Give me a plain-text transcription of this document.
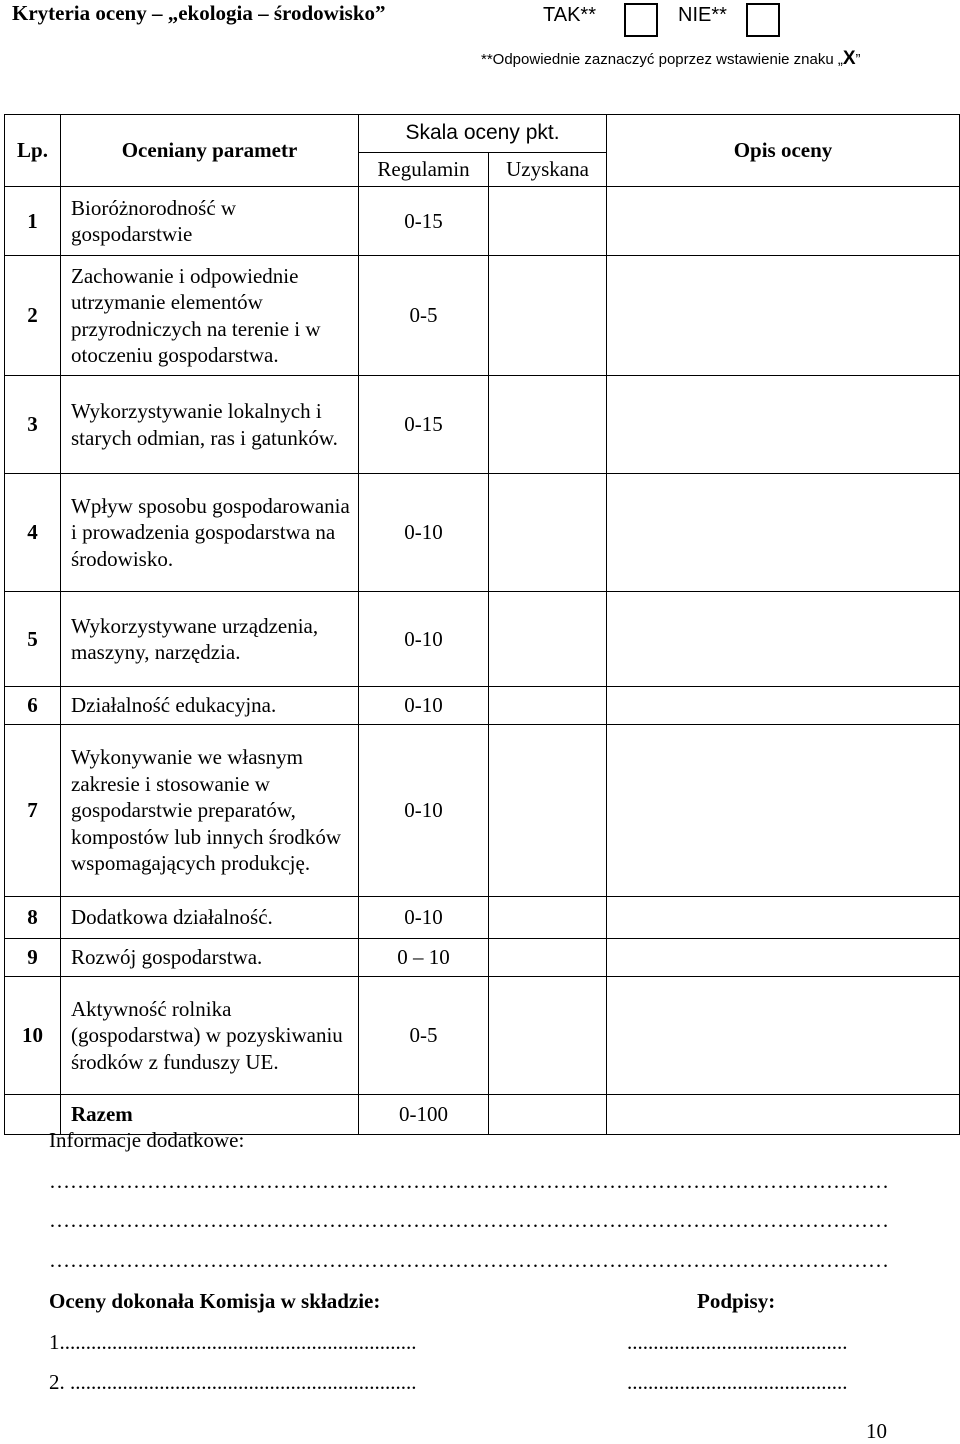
Kryteria oceny – „ekologia – środowisko”	TAK**	NIE**
**Odpowiednie zaznaczyć poprzez wstawienie znaku „X”
Lp.	Oceniany parametr	Skala oceny pkt.		Opis oceny
		Regulamin	Uzyskana	
1	Bioróżnorodność w gospodarstwie	0-15		
2	Zachowanie i odpowiednie utrzymanie elementów przyrodniczych na terenie i w otoczeniu gospodarstwa.	0-5		
3	Wykorzystywanie lokalnych i starych odmian, ras i gatunków.	0-15		
4	Wpływ sposobu gospodarowania i prowadzenia gospodarstwa na środowisko.	0-10		
5	Wykorzystywane urządzenia, maszyny, narzędzia.	0-10		
6	Działalność edukacyjna.	0-10		
7	Wykonywanie we własnym zakresie i stosowanie w gospodarstwie preparatów, kompostów lub innych środków wspomagających produkcję.	0-10		
8	Dodatkowa działalność.	0-10		
9	Rozwój gospodarstwa.	0 – 10		
10	Aktywność rolnika (gospodarstwa) w pozyskiwaniu środków z funduszy UE.	0-5		
	Razem	0-100		
Informacje dodatkowe:
…………………………………………………………………………………………………………
…………………………………………………………………………………………………………
…………………………………………………………………………………………………………
Oceny dokonała Komisja w składzie:	Podpisy:
1....................................................................	..........................................
2. ..................................................................	..........................................
10
